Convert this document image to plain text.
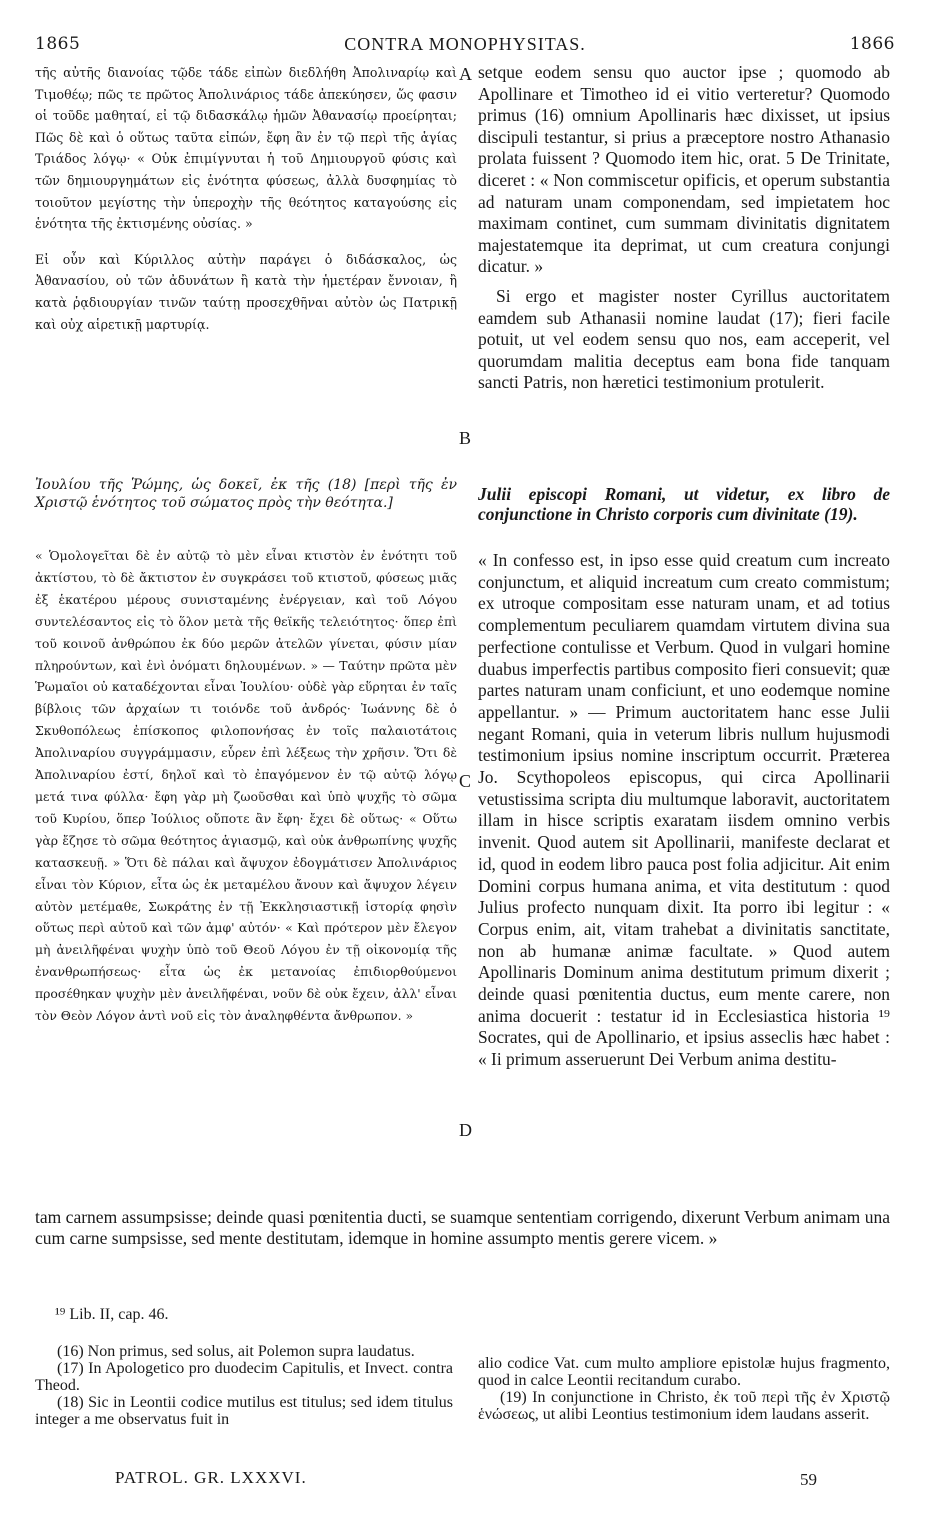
1865	CONTRA MONOPHYSITAS.	1866

τῆς αὐτῆς διανοίας τῷδε τάδε εἰπὼν διεδλήθη Ἀπολιναρίῳ καὶ Τιμοθέῳ; πῶς τε πρῶτος Ἀπολινάριος τάδε ἀπεκύησεν, ὥς φασιν οἱ τοῦδε μαθηταί, εἰ τῷ διδασκάλῳ ἡμῶν Ἀθανασίῳ προείρηται; Πῶς δὲ καὶ ὁ οὕτως ταῦτα εἰπών, ἔφη ἂν ἐν τῷ περὶ τῆς ἁγίας Τριάδος λόγῳ· « Οὐκ ἐπιμίγνυται ἡ τοῦ Δημιουργοῦ φύσις καὶ τῶν δημιουργημάτων εἰς ἑνότητα φύσεως, ἀλλὰ δυσφημίας τὸ τοιοῦτον μεγίστης τὴν ὑπεροχὴν τῆς θεότητος καταγούσης εἰς ἑνότητα τῆς ἐκτισμένης οὐσίας. »

Εἰ οὖν καὶ Κύριλλος αὐτὴν παράγει ὁ διδάσκαλος, ὡς Ἀθανασίου, οὐ τῶν ἀδυνάτων ἢ κατὰ τὴν ἡμετέραν ἔννοιαν, ἢ κατὰ ῥᾳδιουργίαν τινῶν ταύτῃ προσεχθῆναι αὐτὸν ὡς Πατρικῇ καὶ οὐχ αἱρετικῇ μαρτυρίᾳ.

Ἰουλίου τῆς Ῥώμης, ὡς δοκεῖ, ἐκ τῆς (18) [περὶ τῆς ἐν Χριστῷ ἑνότητος τοῦ σώματος πρὸς τὴν θεότητα.]
« Ὁμολογεῖται δὲ ἐν αὐτῷ τὸ μὲν εἶναι κτιστὸν ἐν ἑνότητι τοῦ ἀκτίστου, τὸ δὲ ἄκτιστον ἐν συγκράσει τοῦ κτιστοῦ, φύσεως μιᾶς ἐξ ἑκατέρου μέρους συνισταμένης ἐνέργειαν, καὶ τοῦ Λόγου συντελέσαντος εἰς τὸ ὅλον μετὰ τῆς θεϊκῆς τελειότητος· ὅπερ ἐπὶ τοῦ κοινοῦ ἀνθρώπου ἐκ δύο μερῶν ἀτελῶν γίνεται, φύσιν μίαν πληρούντων, καὶ ἑνὶ ὀνόματι δηλουμένων. » — Ταύτην πρῶτα μὲν Ῥωμαῖοι οὐ καταδέχονται εἶναι Ἰουλίου· οὐδὲ γὰρ εὕρηται ἐν ταῖς βίβλοις τῶν ἀρχαίων τι τοιόνδε τοῦ ἀνδρός· Ἰωάννης δὲ ὁ Σκυθοπόλεως ἐπίσκοπος φιλοπονήσας ἐν τοῖς παλαιοτάτοις Ἀπολιναρίου συγγράμμασιν, εὗρεν ἐπὶ λέξεως τὴν χρῆσιν. Ὅτι δὲ Ἀπολιναρίου ἐστί, δηλοῖ καὶ τὸ ἐπαγόμενον ἐν τῷ αὐτῷ λόγῳ μετά τινα φύλλα· ἔφη γὰρ μὴ ζωοῦσθαι καὶ ὑπὸ ψυχῆς τὸ σῶμα τοῦ Κυρίου, ὅπερ Ἰούλιος οὔποτε ἂν ἔφη· ἔχει δὲ οὕτως· « Οὕτω γὰρ ἔζησε τὸ σῶμα θεότητος ἁγιασμῷ, καὶ οὐκ ἀνθρωπίνης ψυχῆς κατασκευῇ. » Ὅτι δὲ πάλαι καὶ ἄψυχον ἐδογμάτισεν Ἀπολινάριος εἶναι τὸν Κύριον, εἶτα ὡς ἐκ μεταμέλου ἄνουν καὶ ἄψυχον λέγειν αὐτὸν μετέμαθε, Σωκράτης ἐν τῇ Ἐκκλησιαστικῇ ἱστορίᾳ φησὶν οὕτως περὶ αὐτοῦ καὶ τῶν ἀμφ' αὐτόν· « Καὶ πρότερον μὲν ἔλεγον μὴ ἀνειλῆφέναι ψυχὴν ὑπὸ τοῦ Θεοῦ Λόγου ἐν τῇ οἰκονομίᾳ τῆς ἐνανθρωπήσεως· εἶτα ὡς ἐκ μετανοίας ἐπιδιορθούμενοι προσέθηκαν ψυχὴν μὲν ἀνειλῆφέναι, νοῦν δὲ οὐκ ἔχειν, ἀλλ' εἶναι τὸν Θεὸν Λόγον ἀντὶ νοῦ εἰς τὸν ἀναληφθέντα ἄνθρωπον. »

setque eodem sensu quo auctor ipse ; quomodo ab Apollinare et Timotheo id ei vitio verteretur? Quomodo primus (16) omnium Apollinaris hæc dixisset, ut ipsius discipuli testantur, si prius a præceptore nostro Athanasio prolata fuissent ? Quomodo item hic, orat. 5 De Trinitate, diceret : « Non commiscetur opificis, et operum substantia ad naturam unam componendam, sed impietatem hoc maximam continet, cum summam divinitatis dignitatem majestatemque ita deprimat, ut cum creatura conjungi dicatur. »

Si ergo et magister noster Cyrillus auctoritatem eamdem sub Athanasii nomine laudat (17); fieri facile potuit, ut vel eodem sensu quo nos, eam acceperit, vel quorumdam malitia deceptus eam bona fide tanquam sancti Patris, non hæretici testimonium protulerit.

Julii episcopi Romani, ut videtur, ex libro de conjunctione in Christo corporis cum divinitate (19).
« In confesso est, in ipso esse quid creatum cum increato conjunctum, et aliquid increatum cum creato commistum; ex utroque compositam esse naturam unam, et ad totius complementum peculiarem quamdam virtutem divina sua perfectione contulisse et Verbum. Quod in vulgari homine duabus imperfectis partibus composito fieri consuevit; quæ partes naturam unam conficiunt, et uno eodemque nomine appellantur. » — Primum auctoritatem hanc esse Julii negant Romani, quia in veterum libris nullum hujusmodi testimonium ipsius nomine inscriptum occurrit. Præterea Jo. Scythopoleos episcopus, qui circa Apollinarii vetustissima scripta diu multumque laboravit, auctoritatem illam in hisce scriptis exaratam iisdem omnino verbis invenit. Quod autem sit Apollinarii, manifeste declarat et id, quod in eodem libro pauca post folia adjicitur. Ait enim Domini corpus humana anima, et vita destitutum : quod Julius profecto nunquam dixit. Ita porro ibi legitur : « Corpus enim, ait, vitam trahebat a divinitatis sanctitate, non ab humanæ animæ facultate. » Quod autem Apollinaris Dominum anima destitutum primum dixerit ; deinde quasi pœnitentia ductus, eum mente carere, non anima docuerit : testatur id in Ecclesiastica historia ¹⁹ Socrates, qui de Apollinario, et ipsius asseclis hæc habet : « Ii primum asseruerunt Dei Verbum anima destitu-
A
B
C
D
tam carnem assumpsisse; deinde quasi pœnitentia ducti, se suamque sententiam corrigendo, dixerunt Verbum animam una cum carne sumpsisse, sed mente destitutam, idemque in homine assumpto mentis gerere vicem. »
¹⁹ Lib. II, cap. 46.
(16) Non primus, sed solus, ait Polemon supra laudatus.
(17) In Apologetico pro duodecim Capitulis, et Invect. contra Theod.
(18) Sic in Leontii codice mutilus est titulus; sed idem titulus integer a me observatus fuit in
alio codice Vat. cum multo ampliore epistolæ hujus fragmento, quod in calce Leontii recitandum curabo.
(19) In conjunctione in Christo, ἐκ τοῦ περὶ τῆς ἐν Χριστῷ ἑνώσεως, ut alibi Leontius testimonium idem laudans asserit.
PATROL. GR. LXXXVI.	59
